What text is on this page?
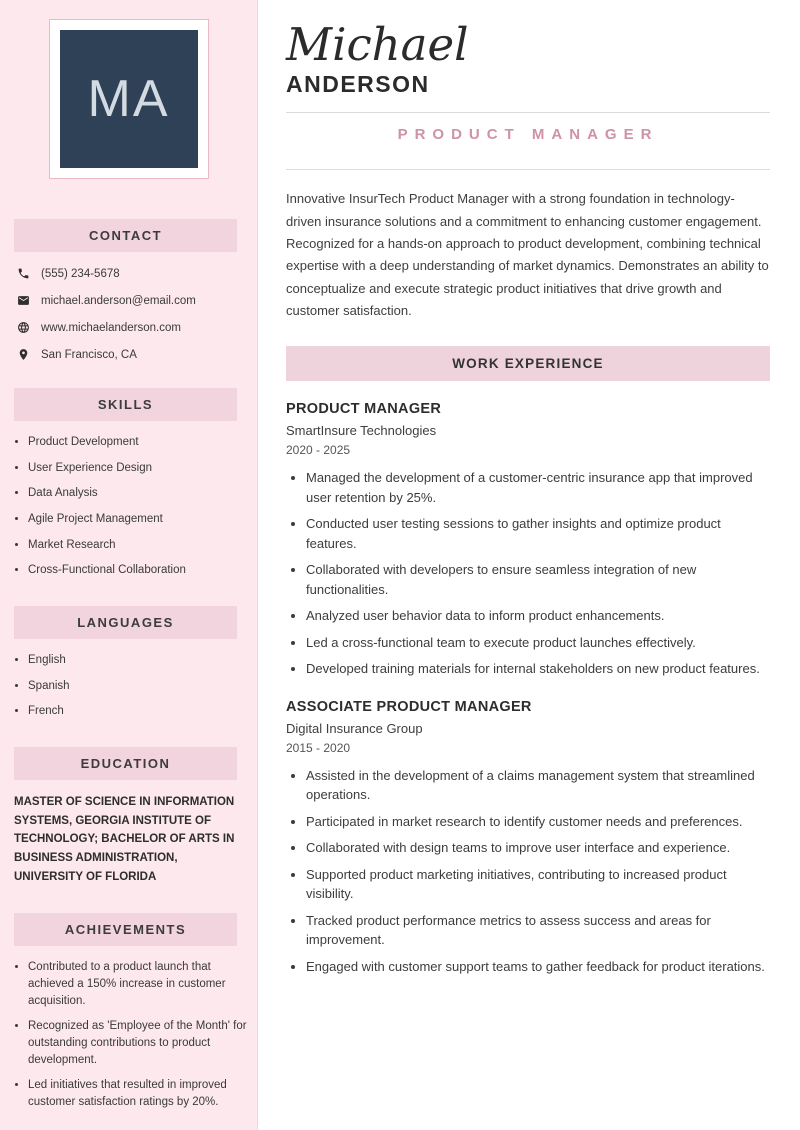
MA
CONTACT
(555) 234-5678
michael.anderson@email.com
www.michaelanderson.com
San Francisco, CA
SKILLS
• Product Development
• User Experience Design
• Data Analysis
• Agile Project Management
• Market Research
• Cross-Functional Collaboration
LANGUAGES
• English
• Spanish
• French
EDUCATION

MASTER OF SCIENCE IN INFORMATION SYSTEMS, GEORGIA INSTITUTE OF TECHNOLOGY; BACHELOR OF ARTS IN BUSINESS ADMINISTRATION, UNIVERSITY OF FLORIDA

ACHIEVEMENTS
• Contributed to a product launch that achieved a 150% increase in customer acquisition.
• Recognized as 'Employee of the Month' for outstanding contributions to product development.
• Led initiatives that resulted in improved customer satisfaction ratings by 20%.
Michael
ANDERSON
PRODUCT MANAGER

Innovative InsurTech Product Manager with a strong foundation in technology-driven insurance solutions and a commitment to enhancing customer engagement. Recognized for a hands-on approach to product development, combining technical expertise with a deep understanding of market dynamics. Demonstrates an ability to conceptualize and execute strategic product initiatives that drive growth and customer satisfaction.

WORK EXPERIENCE
PRODUCT MANAGER
SmartInsure Technologies
2020 - 2025
• Managed the development of a customer-centric insurance app that improved user retention by 25%.
• Conducted user testing sessions to gather insights and optimize product features.
• Collaborated with developers to ensure seamless integration of new functionalities.
• Analyzed user behavior data to inform product enhancements.
• Led a cross-functional team to execute product launches effectively.
• Developed training materials for internal stakeholders on new product features.
ASSOCIATE PRODUCT MANAGER
Digital Insurance Group
2015 - 2020
• Assisted in the development of a claims management system that streamlined operations.
• Participated in market research to identify customer needs and preferences.
• Collaborated with design teams to improve user interface and experience.
• Supported product marketing initiatives, contributing to increased product visibility.
• Tracked product performance metrics to assess success and areas for improvement.
• Engaged with customer support teams to gather feedback for product iterations.
